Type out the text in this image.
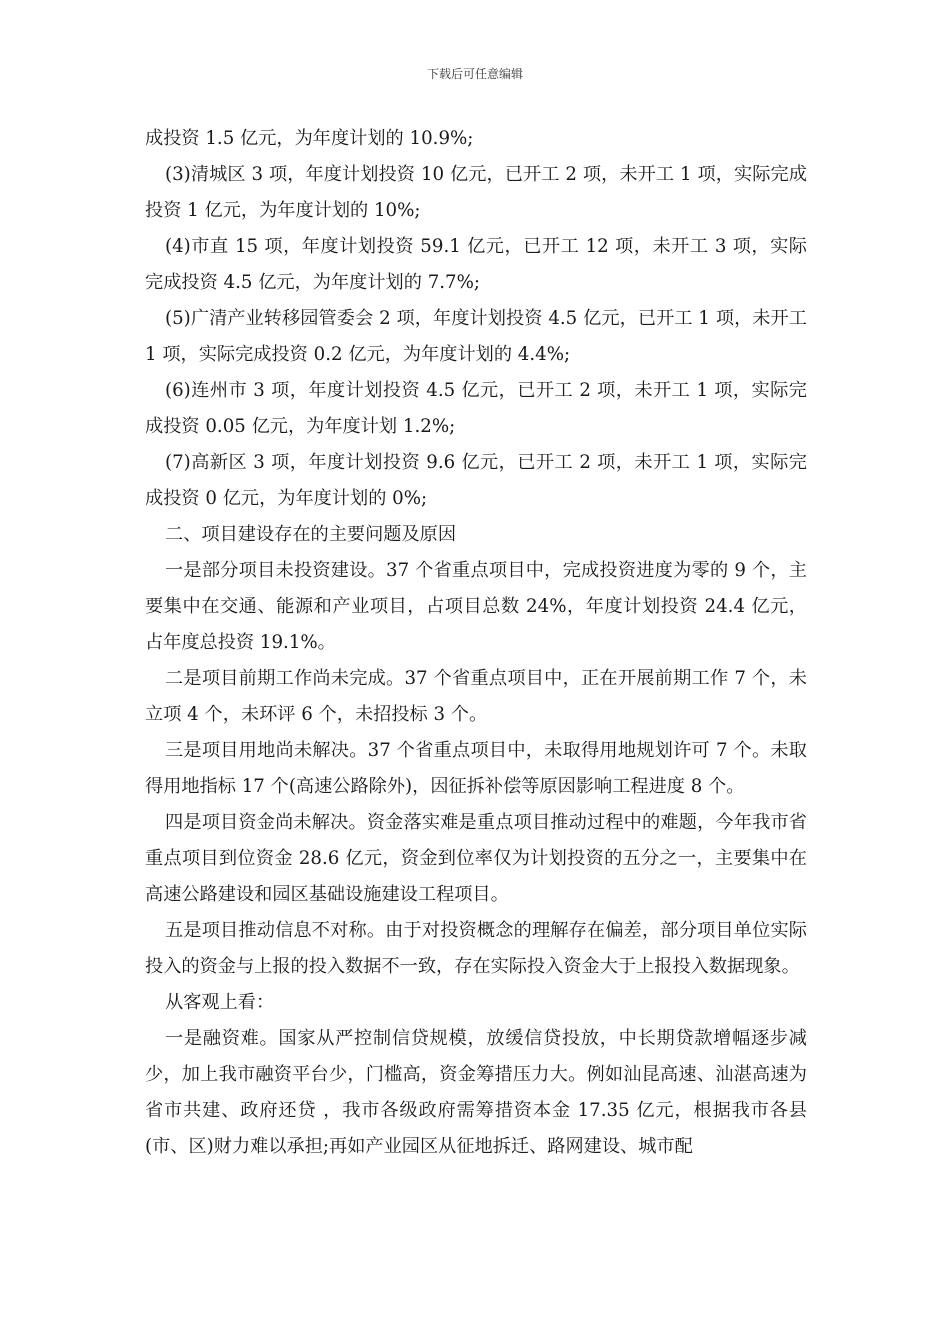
下载后可任意编辑

成投资 1.5 亿元，为年度计划的 10.9%;

(3)清城区 3 项，年度计划投资 10 亿元，已开工 2 项，未开工 1 项，实际完成投资 1 亿元，为年度计划的 10%;

(4)市直 15 项，年度计划投资 59.1 亿元，已开工 12 项，未开工 3 项，实际完成投资 4.5 亿元，为年度计划的 7.7%;

(5)广清产业转移园管委会 2 项，年度计划投资 4.5 亿元，已开工 1 项，未开工 1 项，实际完成投资 0.2 亿元，为年度计划的 4.4%;

(6)连州市 3 项，年度计划投资 4.5 亿元，已开工 2 项，未开工 1 项，实际完成投资 0.05 亿元，为年度计划 1.2%;

(7)高新区 3 项，年度计划投资 9.6 亿元，已开工 2 项，未开工 1 项，实际完成投资 0 亿元，为年度计划的 0%;

二、项目建设存在的主要问题及原因

一是部分项目未投资建设。37 个省重点项目中，完成投资进度为零的 9 个，主要集中在交通、能源和产业项目，占项目总数 24%，年度计划投资 24.4 亿元，占年度总投资 19.1%。

二是项目前期工作尚未完成。37 个省重点项目中，正在开展前期工作 7 个，未立项 4 个，未环评 6 个，未招投标 3 个。

三是项目用地尚未解决。37 个省重点项目中，未取得用地规划许可 7 个。未取得用地指标 17 个(高速公路除外)，因征拆补偿等原因影响工程进度 8 个。

四是项目资金尚未解决。资金落实难是重点项目推动过程中的难题，今年我市省重点项目到位资金 28.6 亿元，资金到位率仅为计划投资的五分之一，主要集中在高速公路建设和园区基础设施建设工程项目。

五是项目推动信息不对称。由于对投资概念的理解存在偏差，部分项目单位实际投入的资金与上报的投入数据不一致，存在实际投入资金大于上报投入数据现象。

从客观上看：

一是融资难。国家从严控制信贷规模，放缓信贷投放，中长期贷款增幅逐步减少，加上我市融资平台少，门槛高，资金筹措压力大。例如汕昆高速、汕湛高速为 省市共建、政府还贷 ，我市各级政府需筹措资本金 17.35 亿元，根据我市各县(市、区)财力难以承担;再如产业园区从征地拆迁、路网建设、城市配
